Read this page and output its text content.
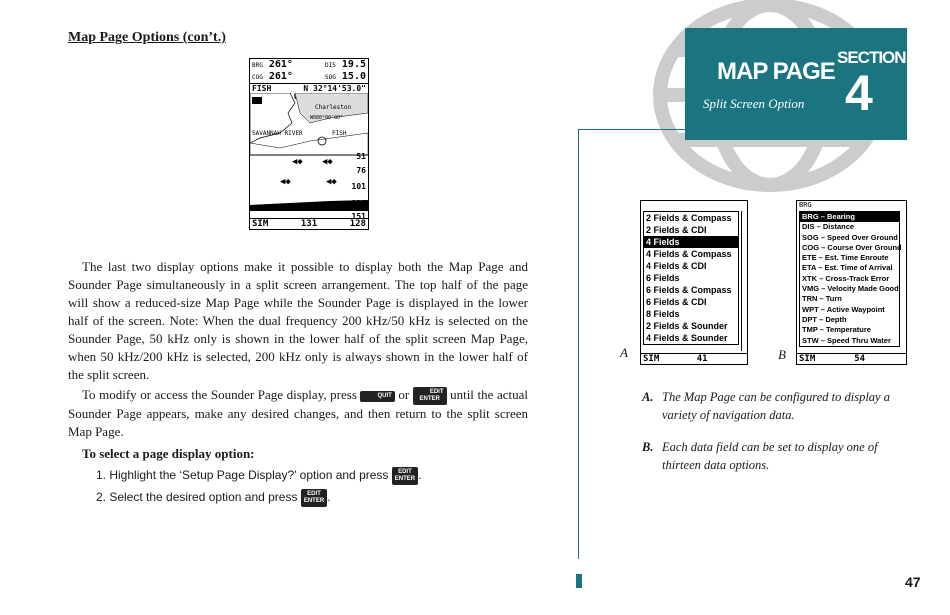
Map Page Options (con’t.)
BRG 261°	DIS 19.5
COG 261°	SOG 15.0
FISH	N 32°14'53.0"
Charleston
W080°00'00"
SAVANNAH RIVER	FISH
51
76
101
126
151
◀◆ ◀◆
◀◆	◀◆
SIM	131	128
The last two display options make it possible to display both the Map Page and Sounder Page simultaneously in a split screen arrangement. The top half of the page will show a reduced-size Map Page while the Sounder Page is displayed in the lower half of the screen. Note: When the dual frequency 200 kHz/50 kHz is selected on the Sounder Page, 50 kHz only is shown in the lower half of the split screen Map Page, when 50 kHz/200 kHz is selected, 200 kHz only is always shown in the lower half of the split screen.
To modify or access the Sounder Page display, press	QUIT or	EDIT
ENTER until the actual Sounder Page appears, make any desired changes, and then return to the split screen Map Page.
To select a page display option:
1. Highlight the ‘Setup Page Display?’ option and press EDIT
ENTER .
2. Select the desired option and press EDIT
ENTER .
MAP PAGE
Split Screen Option
SECTION
4
2 Fields & Compass
2 Fields & CDI
4 Fields
4 Fields & Compass
4 Fields & CDI
6 Fields
6 Fields & Compass
6 Fields & CDI
8 Fields
2 Fields & Sounder
4 Fields & Sounder
SIM	41
BRG
BRG – Bearing
DIS – Distance
SOG – Speed Over Ground
COG – Course Over Ground
ETE – Est. Time Enroute
ETA – Est. Time of Arrival
XTK – Cross-Track Error
VMG – Velocity Made Good
TRN – Turn
WPT – Active Waypoint
DPT – Depth
TMP – Temperature
STW – Speed Thru Water
SIM	54
A	B
A. The Map Page can be configured to display a variety of navigation data.
B. Each data field can be set to display one of thirteen data options.
47
